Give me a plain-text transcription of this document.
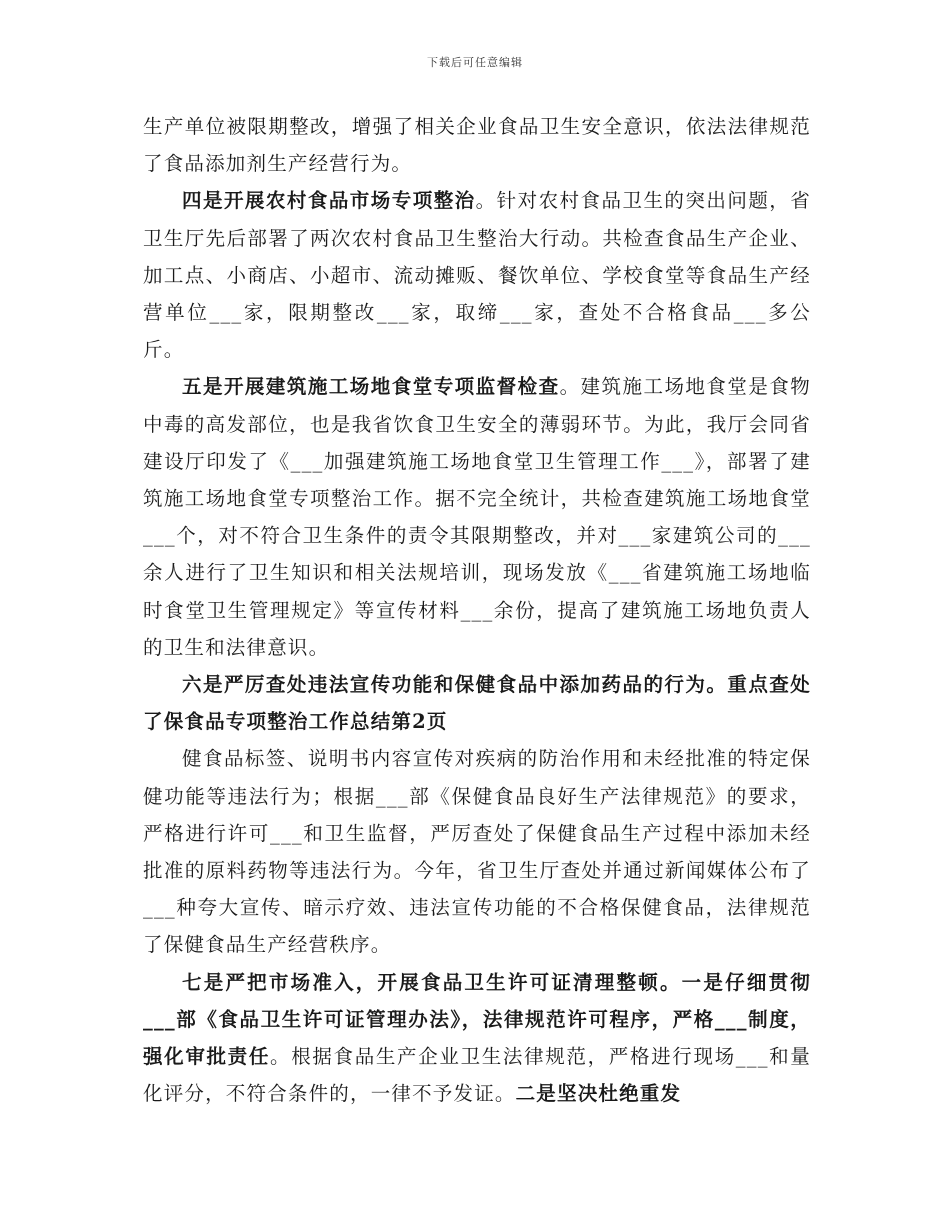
下载后可任意编辑

生产单位被限期整改，增强了相关企业食品卫生安全意识，依法法律规范了食品添加剂生产经营行为。

四是开展农村食品市场专项整治。针对农村食品卫生的突出问题，省卫生厅先后部署了两次农村食品卫生整治大行动。共检查食品生产企业、加工点、小商店、小超市、流动摊贩、餐饮单位、学校食堂等食品生产经营单位___家，限期整改___家，取缔___家，查处不合格食品___多公斤。

五是开展建筑施工场地食堂专项监督检查。建筑施工场地食堂是食物中毒的高发部位，也是我省饮食卫生安全的薄弱环节。为此，我厅会同省建设厅印发了《___加强建筑施工场地食堂卫生管理工作___》，部署了建筑施工场地食堂专项整治工作。据不完全统计，共检查建筑施工场地食堂___个，对不符合卫生条件的责令其限期整改，并对___家建筑公司的___余人进行了卫生知识和相关法规培训，现场发放《___省建筑施工场地临时食堂卫生管理规定》等宣传材料___余份，提高了建筑施工场地负责人的卫生和法律意识。

六是严厉查处违法宣传功能和保健食品中添加药品的行为。重点查处了保食品专项整治工作总结第2页

健食品标签、说明书内容宣传对疾病的防治作用和未经批准的特定保健功能等违法行为；根据___部《保健食品良好生产法律规范》的要求，严格进行许可___和卫生监督，严厉查处了保健食品生产过程中添加未经批准的原料药物等违法行为。今年，省卫生厅查处并通过新闻媒体公布了___种夸大宣传、暗示疗效、违法宣传功能的不合格保健食品，法律规范了保健食品生产经营秩序。

七是严把市场准入，开展食品卫生许可证清理整顿。一是仔细贯彻___部《食品卫生许可证管理办法》，法律规范许可程序，严格___制度，强化审批责任。根据食品生产企业卫生法律规范，严格进行现场___和量化评分，不符合条件的，一律不予发证。二是坚决杜绝重发
